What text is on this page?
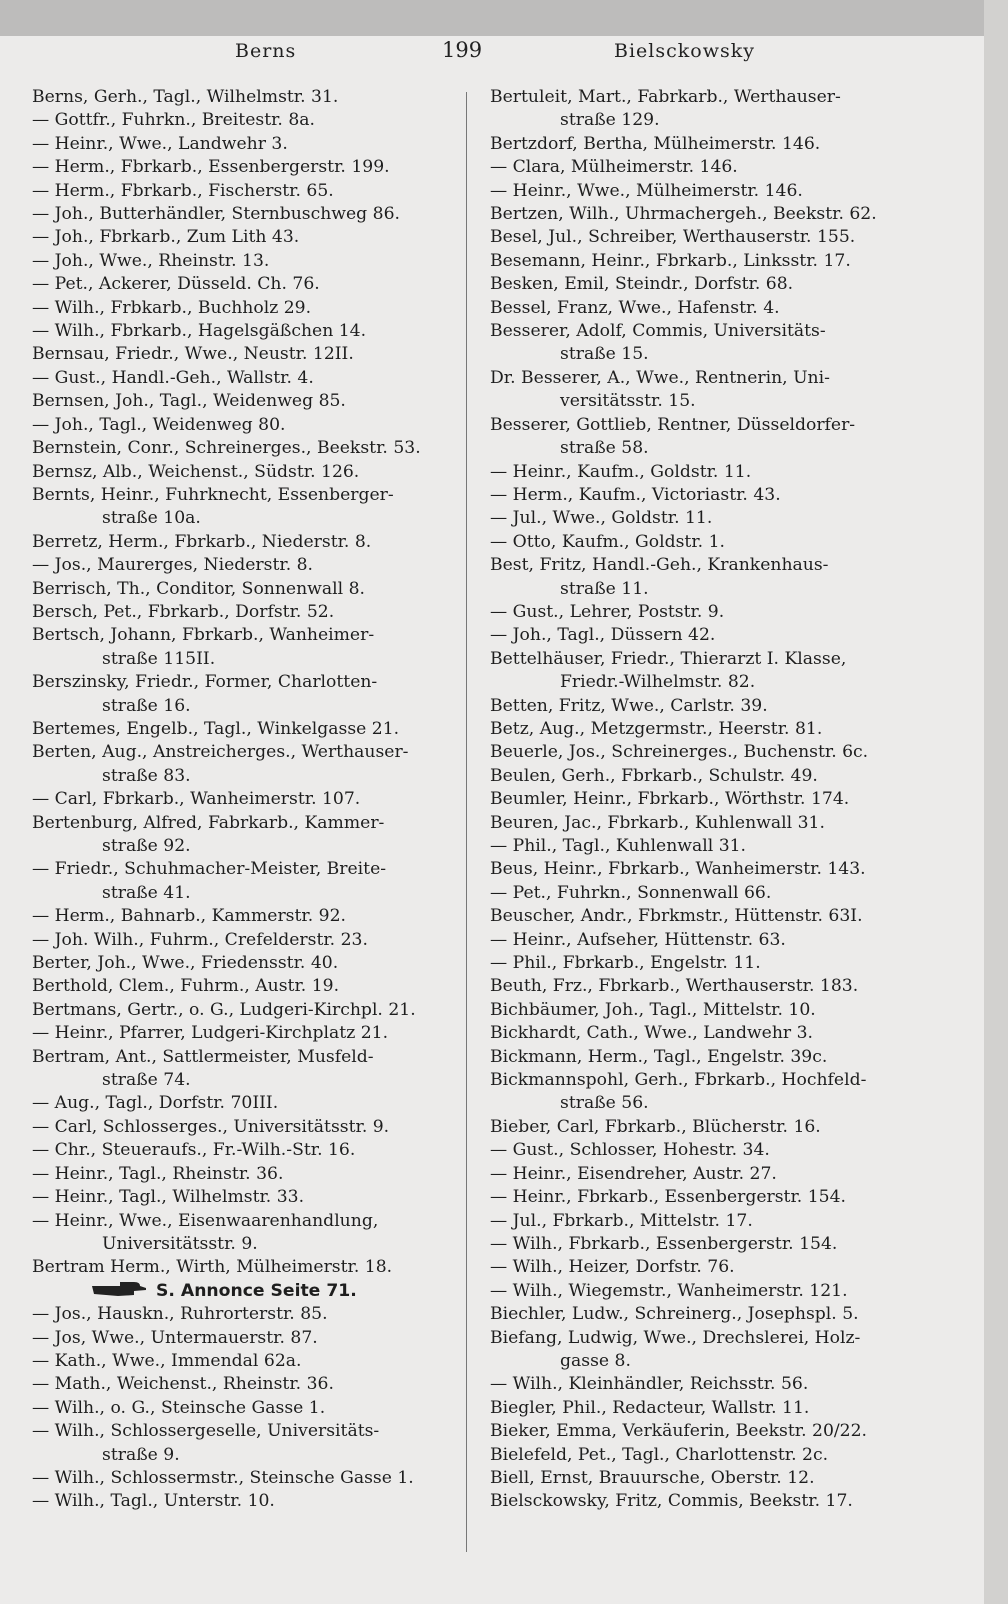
Berns	199	Bielsckowsky
Berns, Gerh., Tagl., Wilhelmstr. 31.
— Gottfr., Fuhrkn., Breitestr. 8a.
— Heinr., Wwe., Landwehr 3.
— Herm., Fbrkarb., Essenbergerstr. 199.
— Herm., Fbrkarb., Fischerstr. 65.
— Joh., Butterhändler, Sternbuschweg 86.
— Joh., Fbrkarb., Zum Lith 43.
— Joh., Wwe., Rheinstr. 13.
— Pet., Ackerer, Düsseld. Ch. 76.
— Wilh., Frbkarb., Buchholz 29.
— Wilh., Fbrkarb., Hagelsgäßchen 14.
Bernsau, Friedr., Wwe., Neustr. 12II.
— Gust., Handl.-Geh., Wallstr. 4.
Bernsen, Joh., Tagl., Weidenweg 85.
— Joh., Tagl., Weidenweg 80.
Bernstein, Conr., Schreinerges., Beekstr. 53.
Bernsz, Alb., Weichenst., Südstr. 126.
Bernts, Heinr., Fuhrknecht, Essenberger-
straße 10a.
Berretz, Herm., Fbrkarb., Niederstr. 8.
— Jos., Maurerges, Niederstr. 8.
Berrisch, Th., Conditor, Sonnenwall 8.
Bersch, Pet., Fbrkarb., Dorfstr. 52.
Bertsch, Johann, Fbrkarb., Wanheimer-
straße 115II.
Berszinsky, Friedr., Former, Charlotten-
straße 16.
Bertemes, Engelb., Tagl., Winkelgasse 21.
Berten, Aug., Anstreicherges., Werthauser-
straße 83.
— Carl, Fbrkarb., Wanheimerstr. 107.
Bertenburg, Alfred, Fabrkarb., Kammer-
straße 92.
— Friedr., Schuhmacher-Meister, Breite-
straße 41.
— Herm., Bahnarb., Kammerstr. 92.
— Joh. Wilh., Fuhrm., Crefelderstr. 23.
Berter, Joh., Wwe., Friedensstr. 40.
Berthold, Clem., Fuhrm., Austr. 19.
Bertmans, Gertr., o. G., Ludgeri-Kirchpl. 21.
— Heinr., Pfarrer, Ludgeri-Kirchplatz 21.
Bertram, Ant., Sattlermeister, Musfeld-
straße 74.
— Aug., Tagl., Dorfstr. 70III.
— Carl, Schlosserges., Universitätsstr. 9.
— Chr., Steueraufs., Fr.-Wilh.-Str. 16.
— Heinr., Tagl., Rheinstr. 36.
— Heinr., Tagl., Wilhelmstr. 33.
— Heinr., Wwe., Eisenwaarenhandlung,
Universitätsstr. 9.
Bertram Herm., Wirth, Mülheimerstr. 18.
S. Annonce Seite 71.
— Jos., Hauskn., Ruhrorterstr. 85.
— Jos, Wwe., Untermauerstr. 87.
— Kath., Wwe., Immendal 62a.
— Math., Weichenst., Rheinstr. 36.
— Wilh., o. G., Steinsche Gasse 1.
— Wilh., Schlossergeselle, Universitäts-
straße 9.
— Wilh., Schlossermstr., Steinsche Gasse 1.
— Wilh., Tagl., Unterstr. 10.
Bertuleit, Mart., Fabrkarb., Werthauser-
straße 129.
Bertzdorf, Bertha, Mülheimerstr. 146.
— Clara, Mülheimerstr. 146.
— Heinr., Wwe., Mülheimerstr. 146.
Bertzen, Wilh., Uhrmachergeh., Beekstr. 62.
Besel, Jul., Schreiber, Werthauserstr. 155.
Besemann, Heinr., Fbrkarb., Linksstr. 17.
Besken, Emil, Steindr., Dorfstr. 68.
Bessel, Franz, Wwe., Hafenstr. 4.
Besserer, Adolf, Commis, Universitäts-
straße 15.
Dr. Besserer, A., Wwe., Rentnerin, Uni-
versitätsstr. 15.
Besserer, Gottlieb, Rentner, Düsseldorfer-
straße 58.
— Heinr., Kaufm., Goldstr. 11.
— Herm., Kaufm., Victoriastr. 43.
— Jul., Wwe., Goldstr. 11.
— Otto, Kaufm., Goldstr. 1.
Best, Fritz, Handl.-Geh., Krankenhaus-
straße 11.
— Gust., Lehrer, Poststr. 9.
— Joh., Tagl., Düssern 42.
Bettelhäuser, Friedr., Thierarzt I. Klasse,
Friedr.-Wilhelmstr. 82.
Betten, Fritz, Wwe., Carlstr. 39.
Betz, Aug., Metzgermstr., Heerstr. 81.
Beuerle, Jos., Schreinerges., Buchenstr. 6c.
Beulen, Gerh., Fbrkarb., Schulstr. 49.
Beumler, Heinr., Fbrkarb., Wörthstr. 174.
Beuren, Jac., Fbrkarb., Kuhlenwall 31.
— Phil., Tagl., Kuhlenwall 31.
Beus, Heinr., Fbrkarb., Wanheimerstr. 143.
— Pet., Fuhrkn., Sonnenwall 66.
Beuscher, Andr., Fbrkmstr., Hüttenstr. 63I.
— Heinr., Aufseher, Hüttenstr. 63.
— Phil., Fbrkarb., Engelstr. 11.
Beuth, Frz., Fbrkarb., Werthauserstr. 183.
Bichbäumer, Joh., Tagl., Mittelstr. 10.
Bickhardt, Cath., Wwe., Landwehr 3.
Bickmann, Herm., Tagl., Engelstr. 39c.
Bickmannspohl, Gerh., Fbrkarb., Hochfeld-
straße 56.
Bieber, Carl, Fbrkarb., Blücherstr. 16.
— Gust., Schlosser, Hohestr. 34.
— Heinr., Eisendreher, Austr. 27.
— Heinr., Fbrkarb., Essenbergerstr. 154.
— Jul., Fbrkarb., Mittelstr. 17.
— Wilh., Fbrkarb., Essenbergerstr. 154.
— Wilh., Heizer, Dorfstr. 76.
— Wilh., Wiegemstr., Wanheimerstr. 121.
Biechler, Ludw., Schreinerg., Josephspl. 5.
Biefang, Ludwig, Wwe., Drechslerei, Holz-
gasse 8.
— Wilh., Kleinhändler, Reichsstr. 56.
Biegler, Phil., Redacteur, Wallstr. 11.
Bieker, Emma, Verkäuferin, Beekstr. 20/22.
Bielefeld, Pet., Tagl., Charlottenstr. 2c.
Biell, Ernst, Brauursche, Oberstr. 12.
Bielsckowsky, Fritz, Commis, Beekstr. 17.
